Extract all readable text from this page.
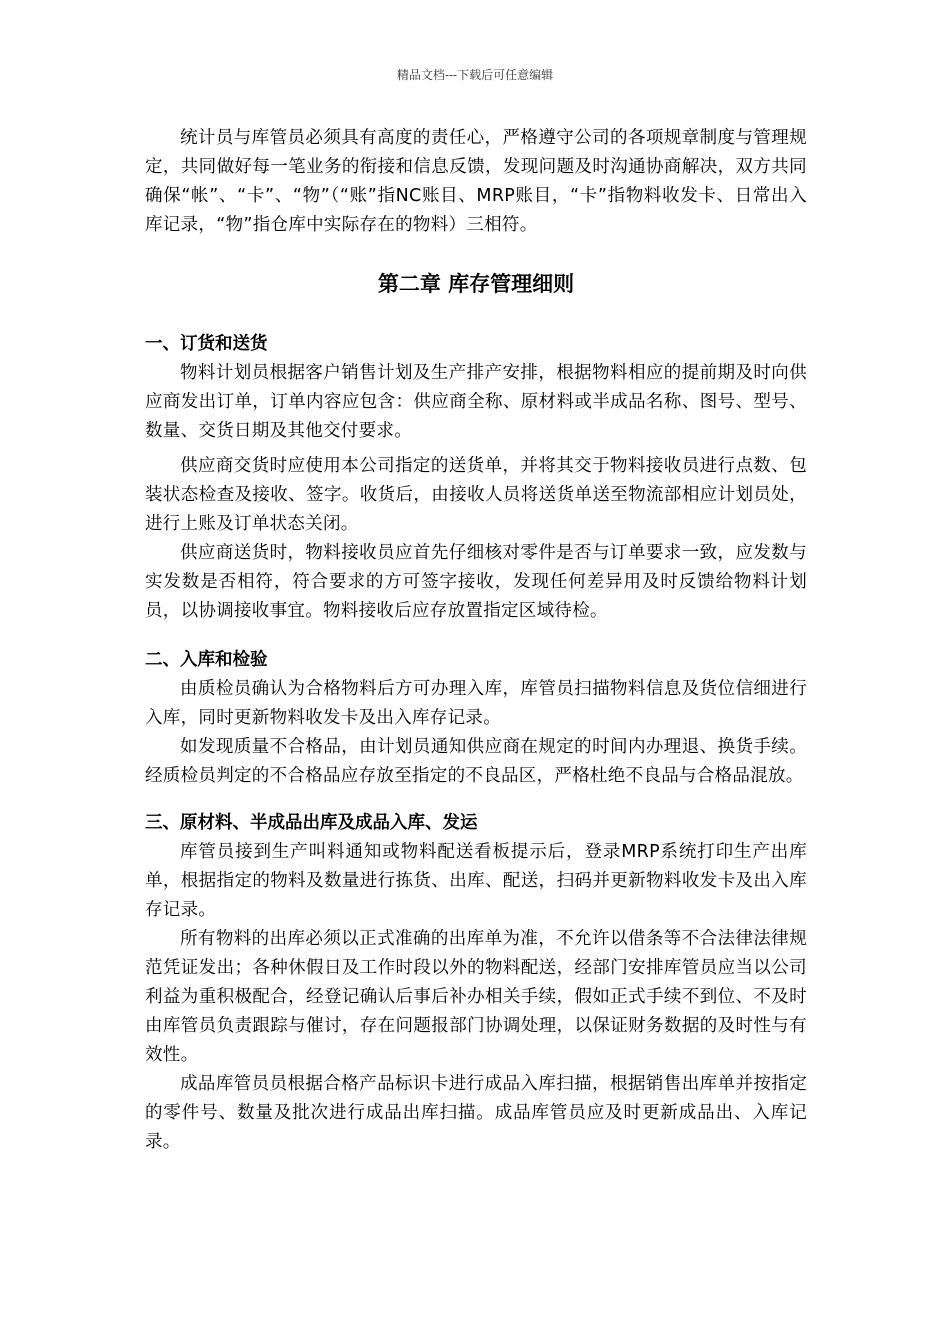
精品文档---下载后可任意编辑

统计员与库管员必须具有高度的责任心，严格遵守公司的各项规章制度与管理规定，共同做好每一笔业务的衔接和信息反馈，发现问题及时沟通协商解决，双方共同确保“帐”、“卡”、“物”（“账”指NC账目、MRP账目，“卡”指物料收发卡、日常出入库记录，“物”指仓库中实际存在的物料）三相符。

第二章 库存管理细则
一、订货和送货

物料计划员根据客户销售计划及生产排产安排，根据物料相应的提前期及时向供应商发出订单，订单内容应包含：供应商全称、原材料或半成品名称、图号、型号、数量、交货日期及其他交付要求。

供应商交货时应使用本公司指定的送货单，并将其交于物料接收员进行点数、包装状态检查及接收、签字。收货后，由接收人员将送货单送至物流部相应计划员处，进行上账及订单状态关闭。

供应商送货时，物料接收员应首先仔细核对零件是否与订单要求一致，应发数与实发数是否相符，符合要求的方可签字接收，发现任何差异用及时反馈给物料计划员，以协调接收事宜。物料接收后应存放置指定区域待检。

二、入库和检验

由质检员确认为合格物料后方可办理入库，库管员扫描物料信息及货位信细进行入库，同时更新物料收发卡及出入库存记录。

如发现质量不合格品，由计划员通知供应商在规定的时间内办理退、换货手续。经质检员判定的不合格品应存放至指定的不良品区，严格杜绝不良品与合格品混放。

三、原材料、半成品出库及成品入库、发运

库管员接到生产叫料通知或物料配送看板提示后，登录MRP系统打印生产出库单，根据指定的物料及数量进行拣货、出库、配送，扫码并更新物料收发卡及出入库存记录。

所有物料的出库必须以正式准确的出库单为准，不允许以借条等不合法律法律规范凭证发出；各种休假日及工作时段以外的物料配送，经部门安排库管员应当以公司利益为重积极配合，经登记确认后事后补办相关手续，假如正式手续不到位、不及时由库管员负责跟踪与催讨，存在问题报部门协调处理，以保证财务数据的及时性与有效性。

成品库管员员根据合格产品标识卡进行成品入库扫描，根据销售出库单并按指定的零件号、数量及批次进行成品出库扫描。成品库管员应及时更新成品出、入库记录。
